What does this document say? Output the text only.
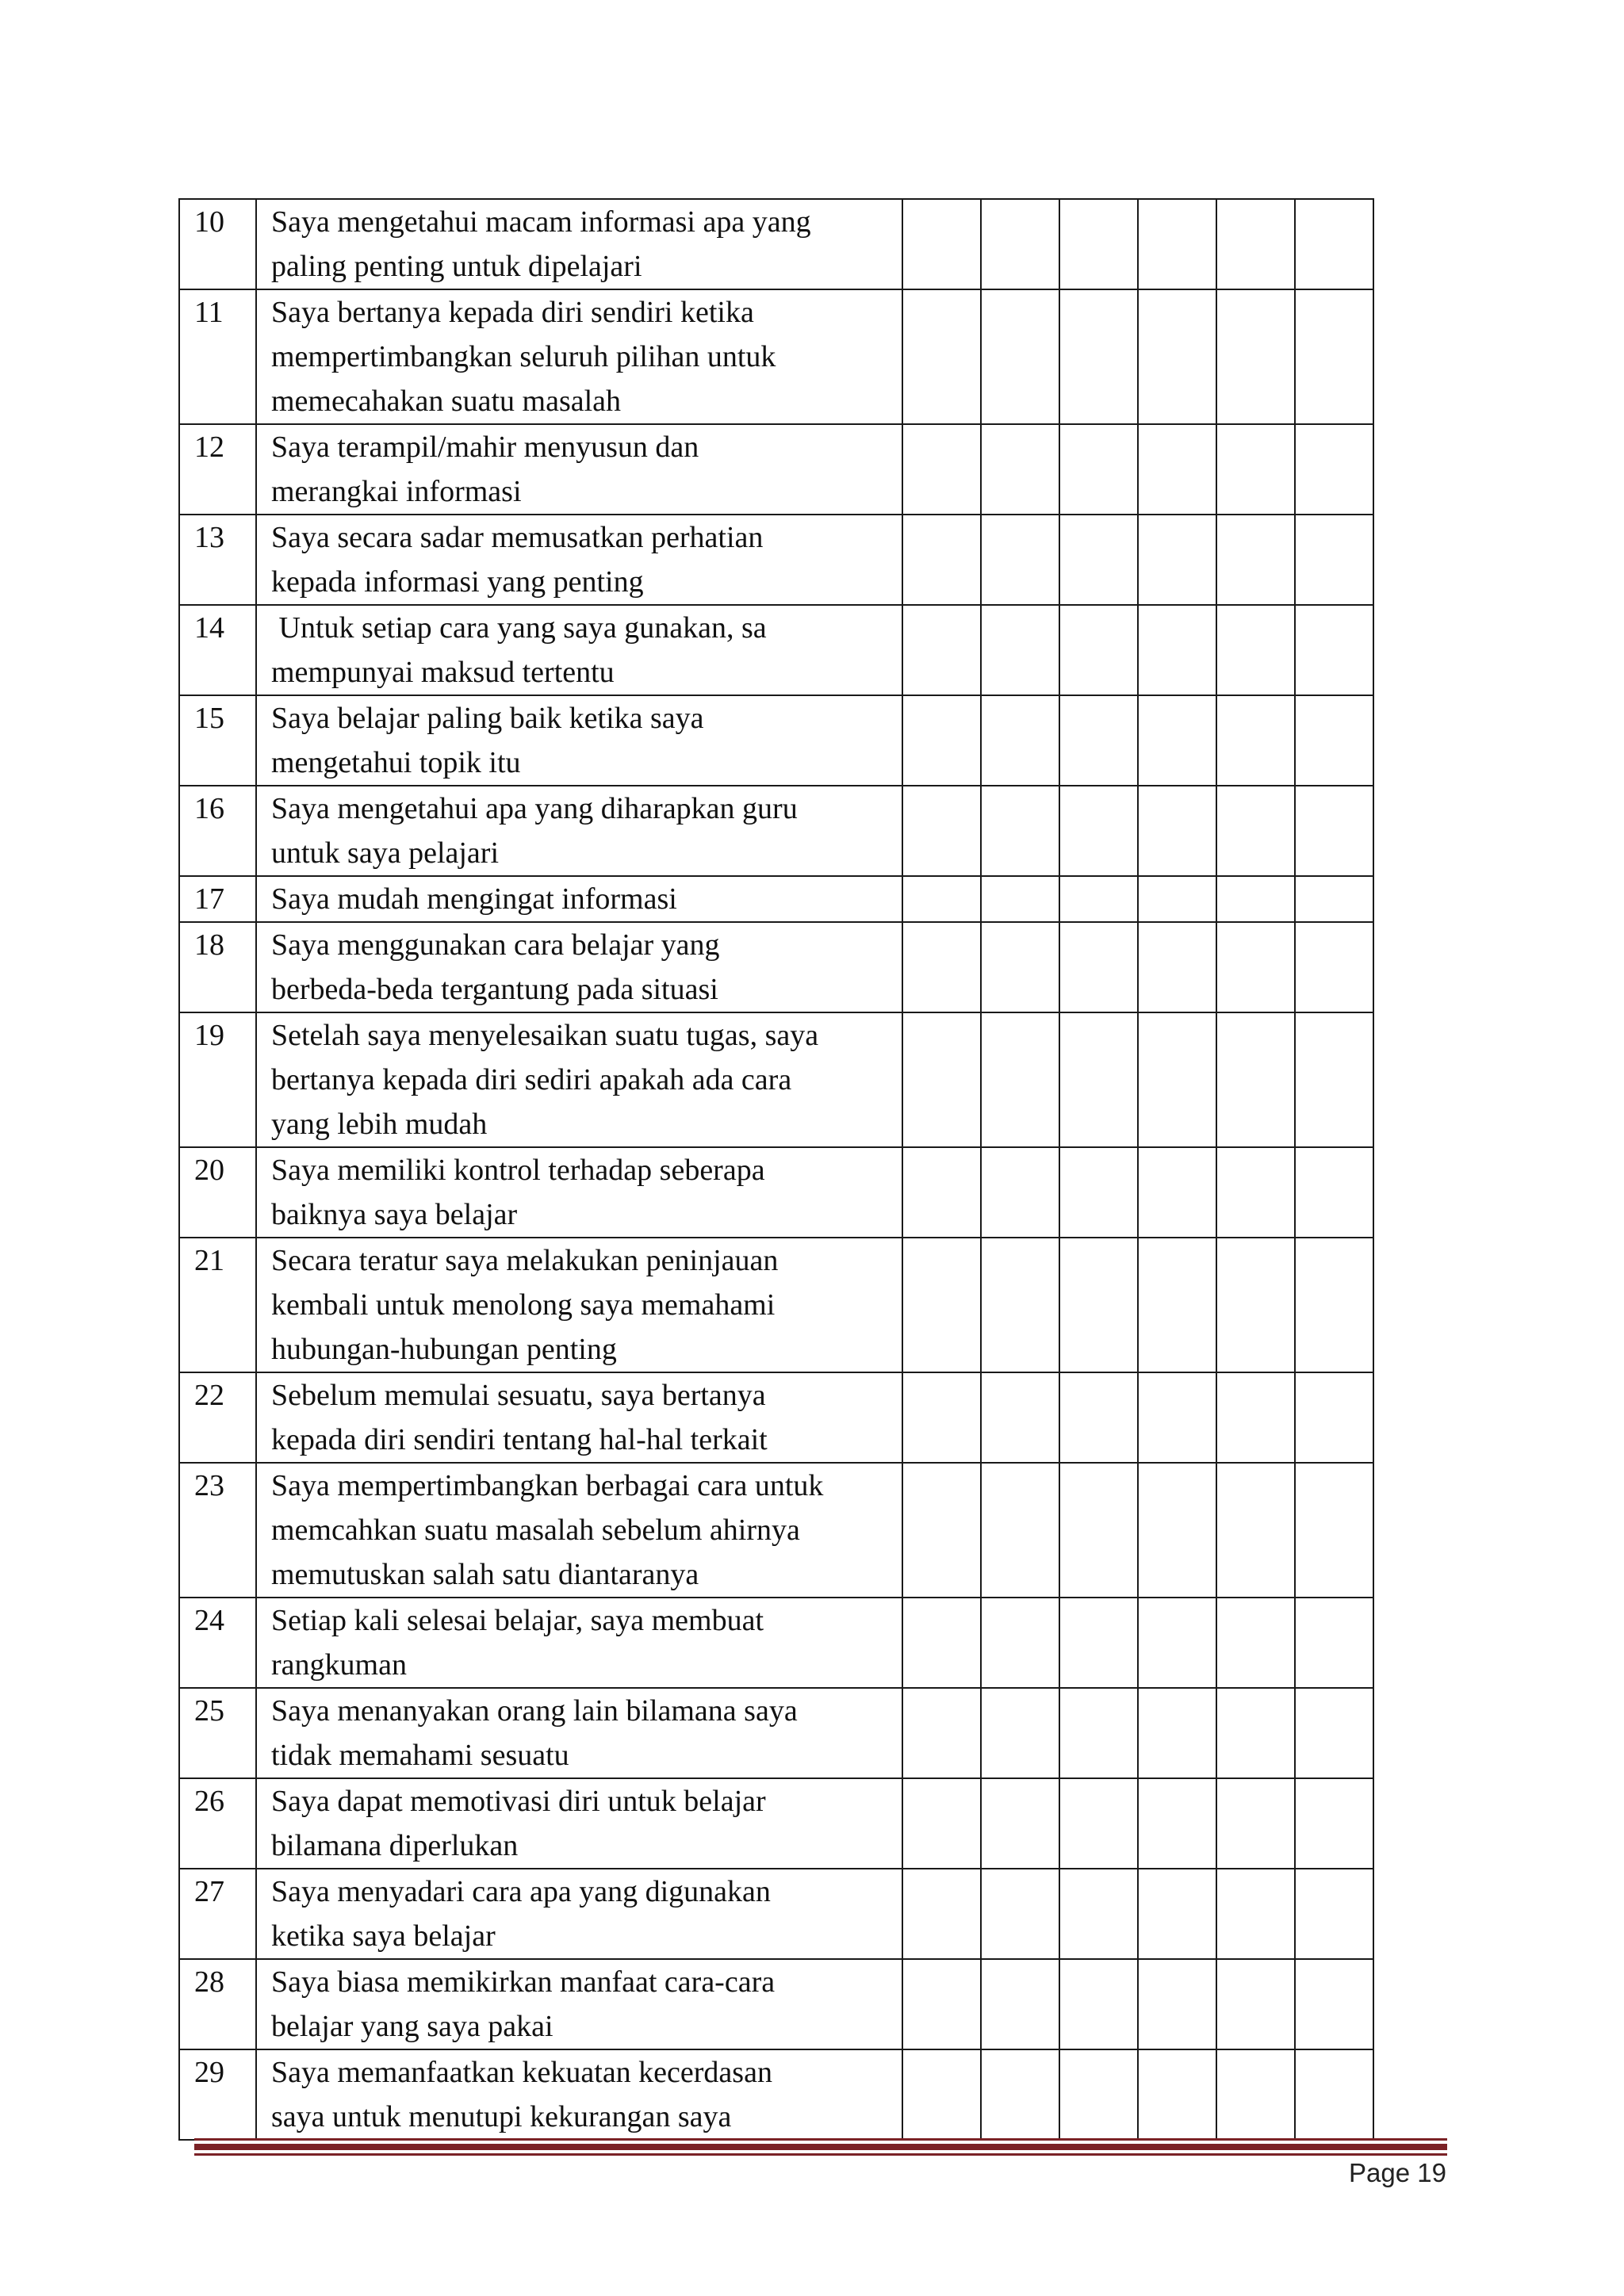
10	Saya mengetahui macam informasi apa yang
paling penting untuk dipelajari						
11	Saya bertanya kepada diri sendiri ketika
mempertimbangkan seluruh pilihan untuk
memecahakan suatu masalah						
12	Saya terampil/mahir menyusun dan
merangkai informasi						
13	Saya secara sadar memusatkan perhatian
kepada informasi yang penting						
14	Untuk setiap cara yang saya gunakan, sa
mempunyai maksud tertentu						
15	Saya belajar paling baik ketika saya
mengetahui topik itu						
16	Saya mengetahui apa yang diharapkan guru
untuk saya pelajari						
17	Saya mudah mengingat informasi						
18	Saya menggunakan cara belajar yang
berbeda-beda tergantung pada situasi						
19	Setelah saya menyelesaikan suatu tugas, saya
bertanya kepada diri sediri apakah ada cara
yang lebih mudah						
20	Saya memiliki kontrol terhadap seberapa
baiknya saya belajar						
21	Secara teratur saya melakukan peninjauan
kembali untuk menolong saya memahami
hubungan-hubungan penting						
22	Sebelum memulai sesuatu, saya bertanya
kepada diri sendiri tentang hal-hal terkait						
23	Saya mempertimbangkan berbagai cara untuk
memcahkan suatu masalah sebelum ahirnya
memutuskan salah satu diantaranya						
24	Setiap kali selesai belajar, saya membuat
rangkuman						
25	Saya menanyakan orang lain bilamana saya
tidak memahami sesuatu						
26	Saya dapat memotivasi diri untuk belajar
bilamana diperlukan						
27	Saya menyadari cara apa yang digunakan
ketika saya belajar						
28	Saya biasa memikirkan manfaat cara-cara
belajar yang saya pakai						
29	Saya memanfaatkan kekuatan kecerdasan
saya untuk menutupi kekurangan saya						
Page 19
